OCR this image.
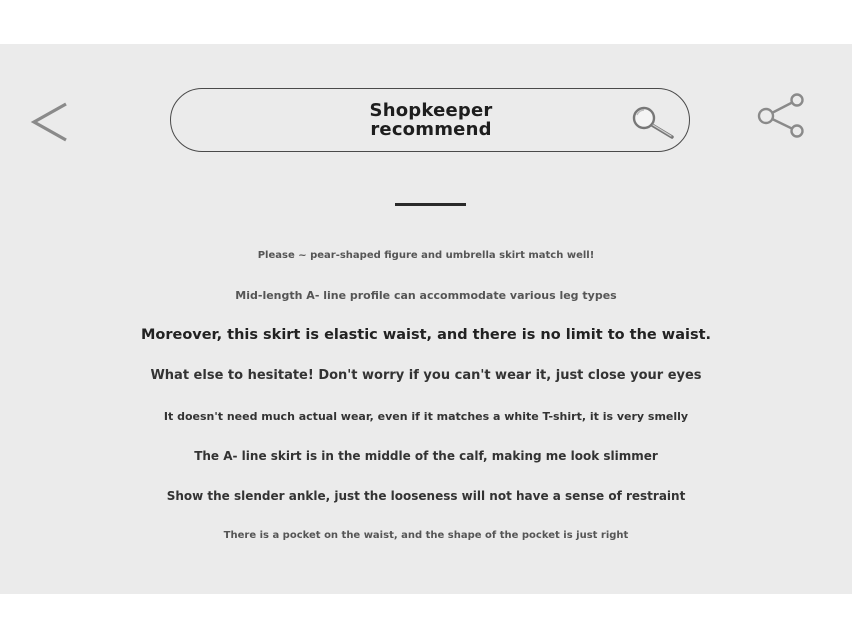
Shopkeeper
recommend
Please ~ pear-shaped figure and umbrella skirt match well!
Mid-length A- line profile can accommodate various leg types
Moreover, this skirt is elastic waist, and there is no limit to the waist.
What else to hesitate! Don't worry if you can't wear it, just close your eyes
It doesn't need much actual wear, even if it matches a white T-shirt, it is very smelly
The A- line skirt is in the middle of the calf, making me look slimmer
Show the slender ankle, just the looseness will not have a sense of restraint
There is a pocket on the waist, and the shape of the pocket is just right
